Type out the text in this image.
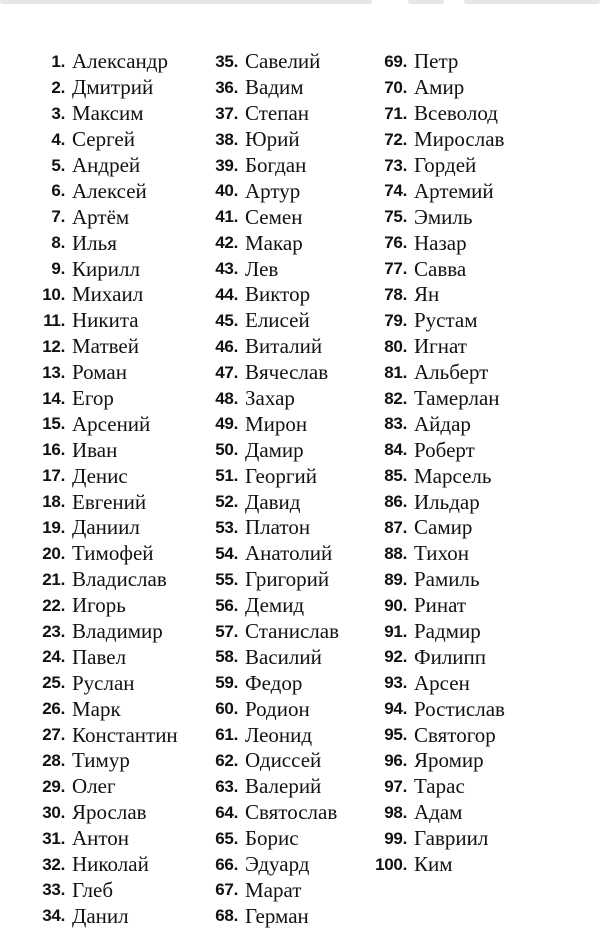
1. Александр
2. Дмитрий
3. Максим
4. Сергей
5. Андрей
6. Алексей
7. Артём
8. Илья
9. Кирилл
10. Михаил
11. Никита
12. Матвей
13. Роман
14. Егор
15. Арсений
16. Иван
17. Денис
18. Евгений
19. Даниил
20. Тимофей
21. Владислав
22. Игорь
23. Владимир
24. Павел
25. Руслан
26. Марк
27. Константин
28. Тимур
29. Олег
30. Ярослав
31. Антон
32. Николай
33. Глеб
34. Данил
35. Савелий
36. Вадим
37. Степан
38. Юрий
39. Богдан
40. Артур
41. Семен
42. Макар
43. Лев
44. Виктор
45. Елисей
46. Виталий
47. Вячеслав
48. Захар
49. Мирон
50. Дамир
51. Георгий
52. Давид
53. Платон
54. Анатолий
55. Григорий
56. Демид
57. Станислав
58. Василий
59. Федор
60. Родион
61. Леонид
62. Одиссей
63. Валерий
64. Святослав
65. Борис
66. Эдуард
67. Марат
68. Герман
69. Петр
70. Амир
71. Всеволод
72. Мирослав
73. Гордей
74. Артемий
75. Эмиль
76. Назар
77. Савва
78. Ян
79. Рустам
80. Игнат
81. Альберт
82. Тамерлан
83. Айдар
84. Роберт
85. Марсель
86. Ильдар
87. Самир
88. Тихон
89. Рамиль
90. Ринат
91. Радмир
92. Филипп
93. Арсен
94. Ростислав
95. Святогор
96. Яромир
97. Тарас
98. Адам
99. Гавриил
100. Ким
